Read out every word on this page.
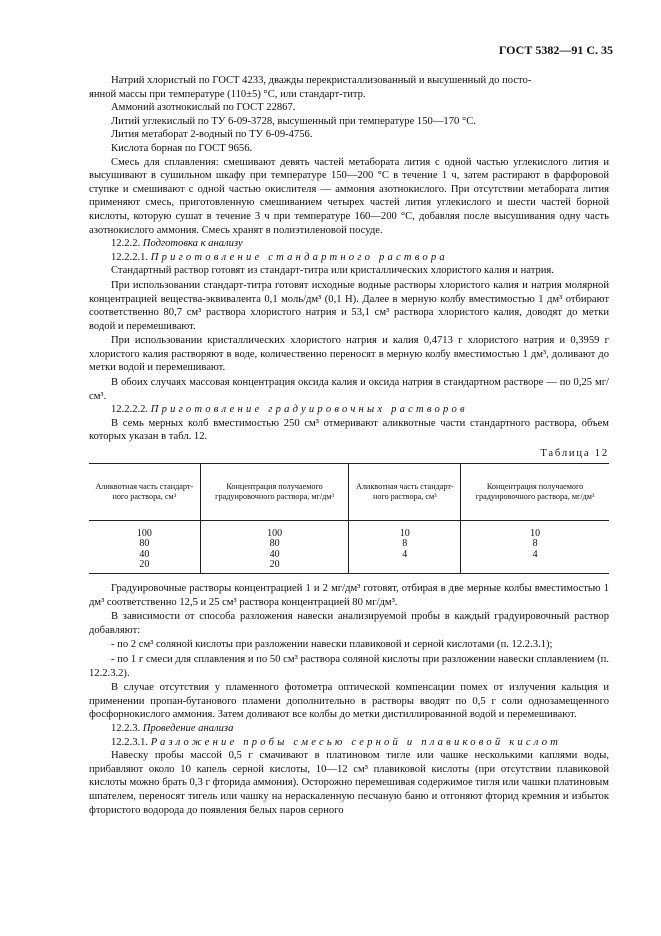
ГОСТ 5382—91 С. 35

Натрий хлористый по ГОСТ 4233, дважды перекристаллизованный и высушенный до посто-

янной массы при температуре (110±5) °С, или стандарт-титр.

Аммоний азотнокислый по ГОСТ 22867.

Литий углекислый по ТУ 6-09-3728, высушенный при температуре 150—170 °С.

Лития метаборат 2-водный по ТУ 6-09-4756.

Кислота борная по ГОСТ 9656.

Смесь для сплавления: смешивают девять частей метабората лития с одной частью углекислого лития и высушивают в сушильном шкафу при температуре 150—200 °С в течение 1 ч, затем растирают в фарфоровой ступке и смешивают с одной частью окислителя — аммония азотнокислого. При отсутствии метабората лития применяют смесь, приготовленную смешиванием четырех частей лития углекислого и шести частей борной кислоты, которую сушат в течение 3 ч при температуре 160—200 °С, добавляя после высушивания одну часть азотнокислого аммония. Смесь хранят в полиэтиленовой посуде.

12.2.2. Подготовка к анализу

12.2.2.1. Приготовление стандартного раствора

Стандартный раствор готовят из стандарт-титра или кристаллических хлористого калия и натрия.

При использовании стандарт-титра готовят исходные водные растворы хлористого калия и натрия молярной концентрацией вещества-эквивалента 0,1 моль/дм³ (0,1 Н). Далее в мерную колбу вместимостью 1 дм³ отбирают соответственно 80,7 см³ раствора хлористого натрия и 53,1 см³ раствора хлористого калия, доводят до метки водой и перемешивают.

При использовании кристаллических хлористого натрия и калия 0,4713 г хлористого натрия и 0,3959 г хлористого калия растворяют в воде, количественно переносят в мерную колбу вместимостью 1 дм³, доливают до метки водой и перемешивают.

В обоих случаях массовая концентрация оксида калия и оксида натрия в стандартном растворе — по 0,25 мг/см³.

12.2.2.2. Приготовление градуировочных растворов

В семь мерных колб вместимостью 250 см³ отмеривают аликвотные части стандартного раствора, объем которых указан в табл. 12.

Таблица 12
Аликвотная часть стандарт-ного раствора, см³	Концентрация получаемого градуировочного раствора, мг/дм³	Аликвотная часть стандарт-ного раствора, см³	Концентрация получаемого градуировочного раствора, мг/дм³
100	100	10	10
80	80	8	8
40	40	4	4
20	20		

Градуировочные растворы концентрацией 1 и 2 мг/дм³ готовят, отбирая в две мерные колбы вместимостью 1 дм³ соответственно 12,5 и 25 см³ раствора концентрацией 80 мг/дм³.

В зависимости от способа разложения навески анализируемой пробы в каждый градуировочный раствор добавляют:

- по 2 см³ соляной кислоты при разложении навески плавиковой и серной кислотами (п. 12.2.3.1);

- по 1 г смеси для сплавления и по 50 см³ раствора соляной кислоты при разложении навески сплавлением (п. 12.2.3.2).

В случае отсутствия у пламенного фотометра оптической компенсации помех от излучения кальция и применении пропан-бутанового пламени дополнительно в растворы вводят по 0,5 г соли однозамещенного фосфорнокислого аммония. Затем доливают все колбы до метки дистиллированной водой и перемешивают.

12.2.3. Проведение анализа

12.2.3.1. Разложение пробы смесью серной и плавиковой кислот

Навеску пробы массой 0,5 г смачивают в платиновом тигле или чашке несколькими каплями воды, прибавляют около 10 капель серной кислоты, 10—12 см³ плавиковой кислоты (при отсутствии плавиковой кислоты можно брать 0,3 г фторида аммония). Осторожно перемешивая содержимое тигля или чашки платиновым шпателем, переносят тигель или чашку на нераскаленную песчаную баню и отгоняют фторид кремния и избыток фтористого водорода до появления белых паров серного
